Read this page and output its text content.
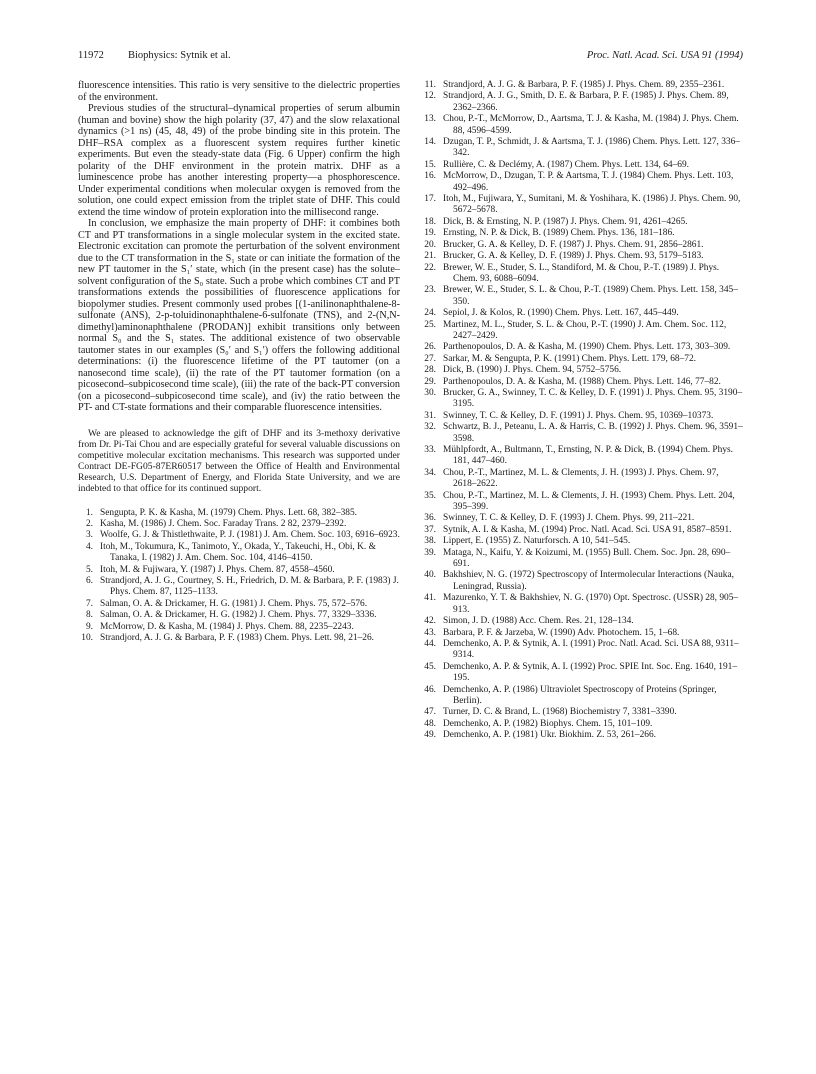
11972 Biophysics: Sytnik et al.	Proc. Natl. Acad. Sci. USA 91 (1994)

fluorescence intensities. This ratio is very sensitive to the dielectric properties of the environment.

Previous studies of the structural–dynamical properties of serum albumin (human and bovine) show the high polarity (37, 47) and the slow relaxational dynamics (>1 ns) (45, 48, 49) of the probe binding site in this protein. The DHF–RSA complex as a fluorescent system requires further kinetic experiments. But even the steady-state data (Fig. 6 Upper) confirm the high polarity of the DHF environment in the protein matrix. DHF as a luminescence probe has another interesting property—a phosphorescence. Under experimental conditions when molecular oxygen is removed from the solution, one could expect emission from the triplet state of DHF. This could extend the time window of protein exploration into the millisecond range.

In conclusion, we emphasize the main property of DHF: it combines both CT and PT transformations in a single molecular system in the excited state. Electronic excitation can promote the perturbation of the solvent environment due to the CT transformation in the S₁ state or can initiate the formation of the new PT tautomer in the S₁′ state, which (in the present case) has the solute–solvent configuration of the S₀ state. Such a probe which combines CT and PT transformations extends the possibilities of fluorescence applications for biopolymer studies. Present commonly used probes [(1-anilinonaphthalene-8-sulfonate (ANS), 2-p-toluidinonaphthalene-6-sulfonate (TNS), and 2-(N,N-dimethyl)aminonaphthalene (PRODAN)] exhibit transitions only between normal S₀ and the S₁ states. The additional existence of two observable tautomer states in our examples (S₀′ and S₁′) offers the following additional determinations: (i) the fluorescence lifetime of the PT tautomer (on a nanosecond time scale), (ii) the rate of the PT tautomer formation (on a picosecond–subpicosecond time scale), (iii) the rate of the back-PT conversion (on a picosecond–subpicosecond time scale), and (iv) the ratio between the PT- and CT-state formations and their comparable fluorescence intensities.

We are pleased to acknowledge the gift of DHF and its 3-methoxy derivative from Dr. Pi-Tai Chou and are especially grateful for several valuable discussions on competitive molecular excitation mechanisms. This research was supported under Contract DE-FG05-87ER60517 between the Office of Health and Environmental Research, U.S. Department of Energy, and Florida State University, and we are indebted to that office for its continued support.

1. Sengupta, P. K. & Kasha, M. (1979) Chem. Phys. Lett. 68, 382–385.
2. Kasha, M. (1986) J. Chem. Soc. Faraday Trans. 2 82, 2379–2392.
3. Woolfe, G. J. & Thistlethwaite, P. J. (1981) J. Am. Chem. Soc. 103, 6916–6923.
4. Itoh, M., Tokumura, K., Tanimoto, Y., Okada, Y., Takeuchi, H., Obi, K. & Tanaka, I. (1982) J. Am. Chem. Soc. 104, 4146–4150.
5. Itoh, M. & Fujiwara, Y. (1987) J. Phys. Chem. 87, 4558–4560.
6. Strandjord, A. J. G., Courtney, S. H., Friedrich, D. M. & Barbara, P. F. (1983) J. Phys. Chem. 87, 1125–1133.
7. Salman, O. A. & Drickamer, H. G. (1981) J. Chem. Phys. 75, 572–576.
8. Salman, O. A. & Drickamer, H. G. (1982) J. Chem. Phys. 77, 3329–3336.
9. McMorrow, D. & Kasha, M. (1984) J. Phys. Chem. 88, 2235–2243.
10. Strandjord, A. J. G. & Barbara, P. F. (1983) Chem. Phys. Lett. 98, 21–26.
11. Strandjord, A. J. G. & Barbara, P. F. (1985) J. Phys. Chem. 89, 2355–2361.
12. Strandjord, A. J. G., Smith, D. E. & Barbara, P. F. (1985) J. Phys. Chem. 89, 2362–2366.
13. Chou, P.-T., McMorrow, D., Aartsma, T. J. & Kasha, M. (1984) J. Phys. Chem. 88, 4596–4599.
14. Dzugan, T. P., Schmidt, J. & Aartsma, T. J. (1986) Chem. Phys. Lett. 127, 336–342.
15. Rullière, C. & Declémy, A. (1987) Chem. Phys. Lett. 134, 64–69.
16. McMorrow, D., Dzugan, T. P. & Aartsma, T. J. (1984) Chem. Phys. Lett. 103, 492–496.
17. Itoh, M., Fujiwara, Y., Sumitani, M. & Yoshihara, K. (1986) J. Phys. Chem. 90, 5672–5678.
18. Dick, B. & Ernsting, N. P. (1987) J. Phys. Chem. 91, 4261–4265.
19. Ernsting, N. P. & Dick, B. (1989) Chem. Phys. 136, 181–186.
20. Brucker, G. A. & Kelley, D. F. (1987) J. Phys. Chem. 91, 2856–2861.
21. Brucker, G. A. & Kelley, D. F. (1989) J. Phys. Chem. 93, 5179–5183.
22. Brewer, W. E., Studer, S. L., Standiford, M. & Chou, P.-T. (1989) J. Phys. Chem. 93, 6088–6094.
23. Brewer, W. E., Studer, S. L. & Chou, P.-T. (1989) Chem. Phys. Lett. 158, 345–350.
24. Sepiol, J. & Kolos, R. (1990) Chem. Phys. Lett. 167, 445–449.
25. Martinez, M. L., Studer, S. L. & Chou, P.-T. (1990) J. Am. Chem. Soc. 112, 2427–2429.
26. Parthenopoulos, D. A. & Kasha, M. (1990) Chem. Phys. Lett. 173, 303–309.
27. Sarkar, M. & Sengupta, P. K. (1991) Chem. Phys. Lett. 179, 68–72.
28. Dick, B. (1990) J. Phys. Chem. 94, 5752–5756.
29. Parthenopoulos, D. A. & Kasha, M. (1988) Chem. Phys. Lett. 146, 77–82.
30. Brucker, G. A., Swinney, T. C. & Kelley, D. F. (1991) J. Phys. Chem. 95, 3190–3195.
31. Swinney, T. C. & Kelley, D. F. (1991) J. Phys. Chem. 95, 10369–10373.
32. Schwartz, B. J., Peteanu, L. A. & Harris, C. B. (1992) J. Phys. Chem. 96, 3591–3598.
33. Mühlpfordt, A., Bultmann, T., Ernsting, N. P. & Dick, B. (1994) Chem. Phys. 181, 447–460.
34. Chou, P.-T., Martinez, M. L. & Clements, J. H. (1993) J. Phys. Chem. 97, 2618–2622.
35. Chou, P.-T., Martinez, M. L. & Clements, J. H. (1993) Chem. Phys. Lett. 204, 395–399.
36. Swinney, T. C. & Kelley, D. F. (1993) J. Chem. Phys. 99, 211–221.
37. Sytnik, A. I. & Kasha, M. (1994) Proc. Natl. Acad. Sci. USA 91, 8587–8591.
38. Lippert, E. (1955) Z. Naturforsch. A 10, 541–545.
39. Mataga, N., Kaifu, Y. & Koizumi, M. (1955) Bull. Chem. Soc. Jpn. 28, 690–691.
40. Bakhshiev, N. G. (1972) Spectroscopy of Intermolecular Interactions (Nauka, Leningrad, Russia).
41. Mazurenko, Y. T. & Bakhshiev, N. G. (1970) Opt. Spectrosc. (USSR) 28, 905–913.
42. Simon, J. D. (1988) Acc. Chem. Res. 21, 128–134.
43. Barbara, P. F. & Jarzeba, W. (1990) Adv. Photochem. 15, 1–68.
44. Demchenko, A. P. & Sytnik, A. I. (1991) Proc. Natl. Acad. Sci. USA 88, 9311–9314.
45. Demchenko, A. P. & Sytnik, A. I. (1992) Proc. SPIE Int. Soc. Eng. 1640, 191–195.
46. Demchenko, A. P. (1986) Ultraviolet Spectroscopy of Proteins (Springer, Berlin).
47. Turner, D. C. & Brand, L. (1968) Biochemistry 7, 3381–3390.
48. Demchenko, A. P. (1982) Biophys. Chem. 15, 101–109.
49. Demchenko, A. P. (1981) Ukr. Biokhim. Z. 53, 261–266.
